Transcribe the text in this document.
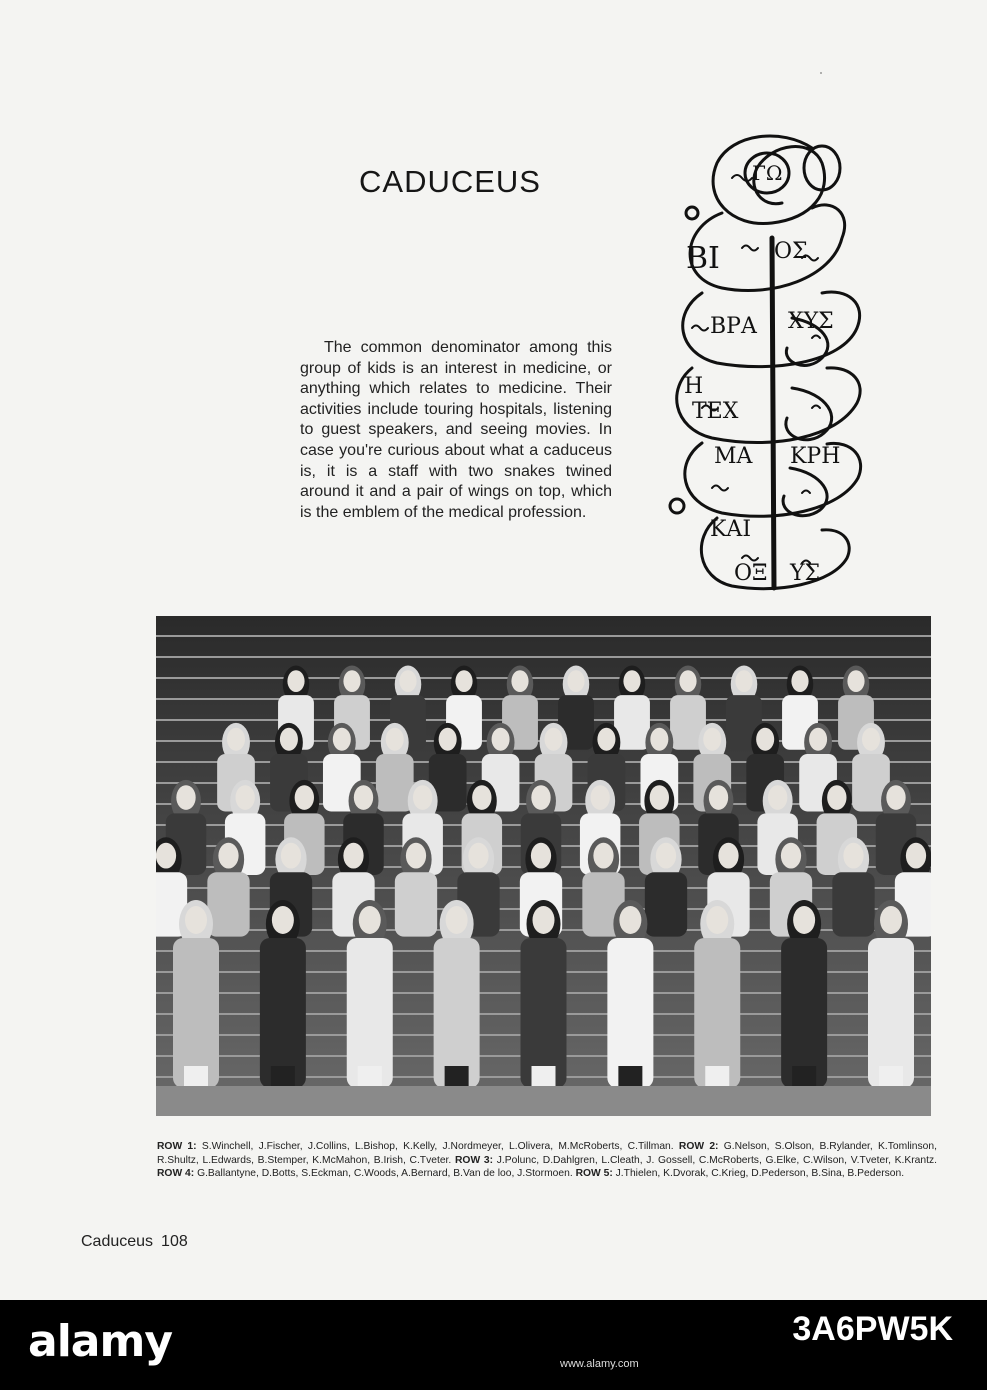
CADUCEUS

The common denominator among this group of kids is an interest in medicine, or anything which relates to medicine. Their activities include touring hospitals, listening to guest speakers, and seeing movies. In case you're curious about what a caduceus is, it is a staff with two snakes twined around it and a pair of wings on top, which is the emblem of the medical profession.

ΓΩ
ΒΙ ΟΣ
ΒΡΑ ΧΥΣ
Η
ΤΕΧ
ΜΑ ΚΡΗ
ΚΑΙ
ΟΞ ΥΣ
ROW 1: S.Winchell, J.Fischer, J.Collins, L.Bishop, K.Kelly, J.Nordmeyer, L.Olivera, M.McRoberts, C.Tillman. ROW 2: G.Nelson, S.Olson, B.Rylander, K.Tomlinson, R.Shultz, L.Edwards, B.Stemper, K.McMahon, B.Irish, C.Tveter. ROW 3: J.Polunc, D.Dahlgren, L.Cleath, J. Gossell, C.McRoberts, G.Elke, C.Wilson, V.Tveter, K.Krantz. ROW 4: G.Ballantyne, D.Botts, S.Eckman, C.Woods, A.Bernard, B.Van de loo, J.Stormoen. ROW 5: J.Thielen, K.Dvorak, C.Krieg, D.Pederson, B.Sina, B.Pederson.
Caduceus 108
alamy	www.alamy.com
3A6PW5K
